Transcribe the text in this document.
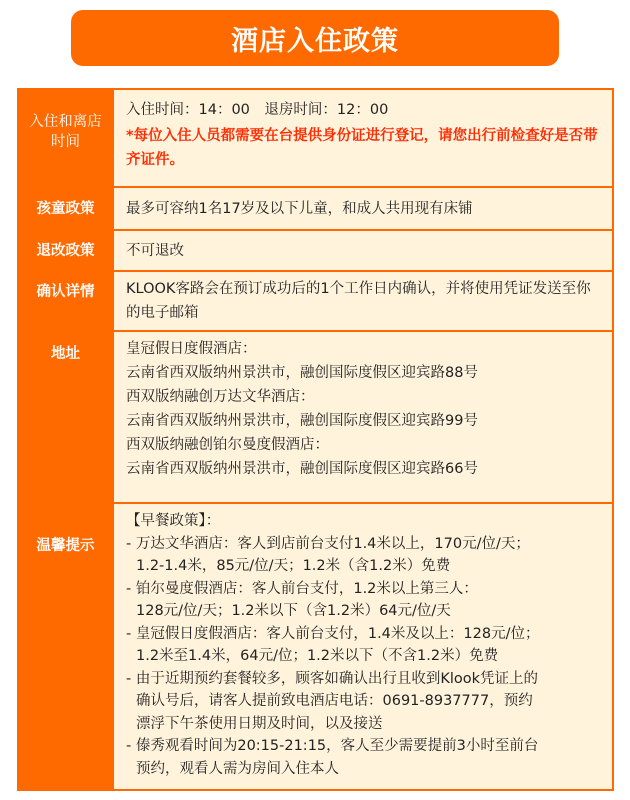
酒店入住政策
入住和离店时间
入住时间：14：00　退房时间：12：00
*每位入住人员都需要在台提供身份证进行登记，请您出行前检查好是否带齐证件。
孩童政策 最多可容纳1名17岁及以下儿童，和成人共用现有床铺
退改政策 不可退改
确认详情	KLOOK客路会在预订成功后的1个工作日内确认，并将使用凭证发送至你的电子邮箱
地址	皇冠假日度假酒店：
云南省西双版纳州景洪市，融创国际度假区迎宾路88号
西双版纳融创万达文华酒店：
云南省西双版纳州景洪市，融创国际度假区迎宾路99号
西双版纳融创铂尔曼度假酒店：
云南省西双版纳州景洪市，融创国际度假区迎宾路66号
温馨提示
【早餐政策】：
- 万达文华酒店：客人到店前台支付1.4米以上，170元/位/天；
1.2-1.4米，85元/位/天；1.2米（含1.2米）免费
- 铂尔曼度假酒店：客人前台支付，1.2米以上第三人：
128元/位/天；1.2米以下（含1.2米）64元/位/天
- 皇冠假日度假酒店：客人前台支付，1.4米及以上：128元/位；
1.2米至1.4米，64元/位；1.2米以下（不含1.2米）免费
- 由于近期预约套餐较多，顾客如确认出行且收到Klook凭证上的
确认号后，请客人提前致电酒店电话：0691-8937777，预约
漂浮下午茶使用日期及时间，以及接送
- 傣秀观看时间为20:15-21:15，客人至少需要提前3小时至前台
预约，观看人需为房间入住本人
